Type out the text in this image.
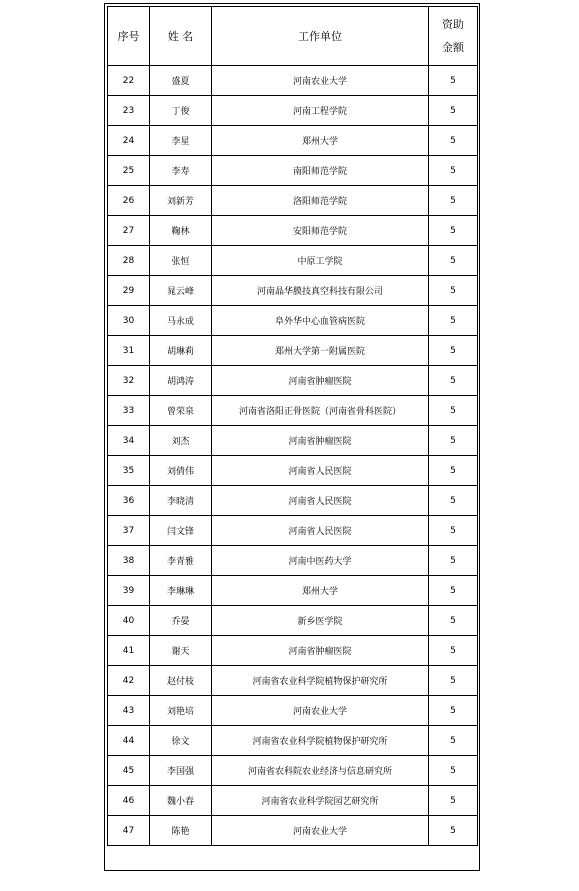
序号	姓 名	工作单位	资助
金额

22	盛夏	河南农业大学	5
23	丁俊	河南工程学院	5
24	李星	郑州大学	5
25	李寿	南阳师范学院	5
26	刘新芳	洛阳师范学院	5
27	鞠林	安阳师范学院	5
28	张恒	中原工学院	5
29	晁云峰	河南晶华膜技真空科技有限公司	5
30	马永成	阜外华中心血管病医院	5
31	胡琳莉	郑州大学第一附属医院	5
32	胡鸿涛	河南省肿瘤医院	5
33	曾荣泉	河南省洛阳正骨医院（河南省骨科医院）	5
34	刘杰	河南省肿瘤医院	5
35	刘倩伟	河南省人民医院	5
36	李晓清	河南省人民医院	5
37	闫文锋	河南省人民医院	5
38	李青雅	河南中医药大学	5
39	李琳琳	郑州大学	5
40	乔晏	新乡医学院	5
41	谢天	河南省肿瘤医院	5
42	赵付枝	河南省农业科学院植物保护研究所	5
43	刘艳培	河南农业大学	5
44	徐文	河南省农业科学院植物保护研究所	5
45	李国强	河南省农科院农业经济与信息研究所	5
46	魏小春	河南省农业科学院园艺研究所	5
47	陈艳	河南农业大学	5
